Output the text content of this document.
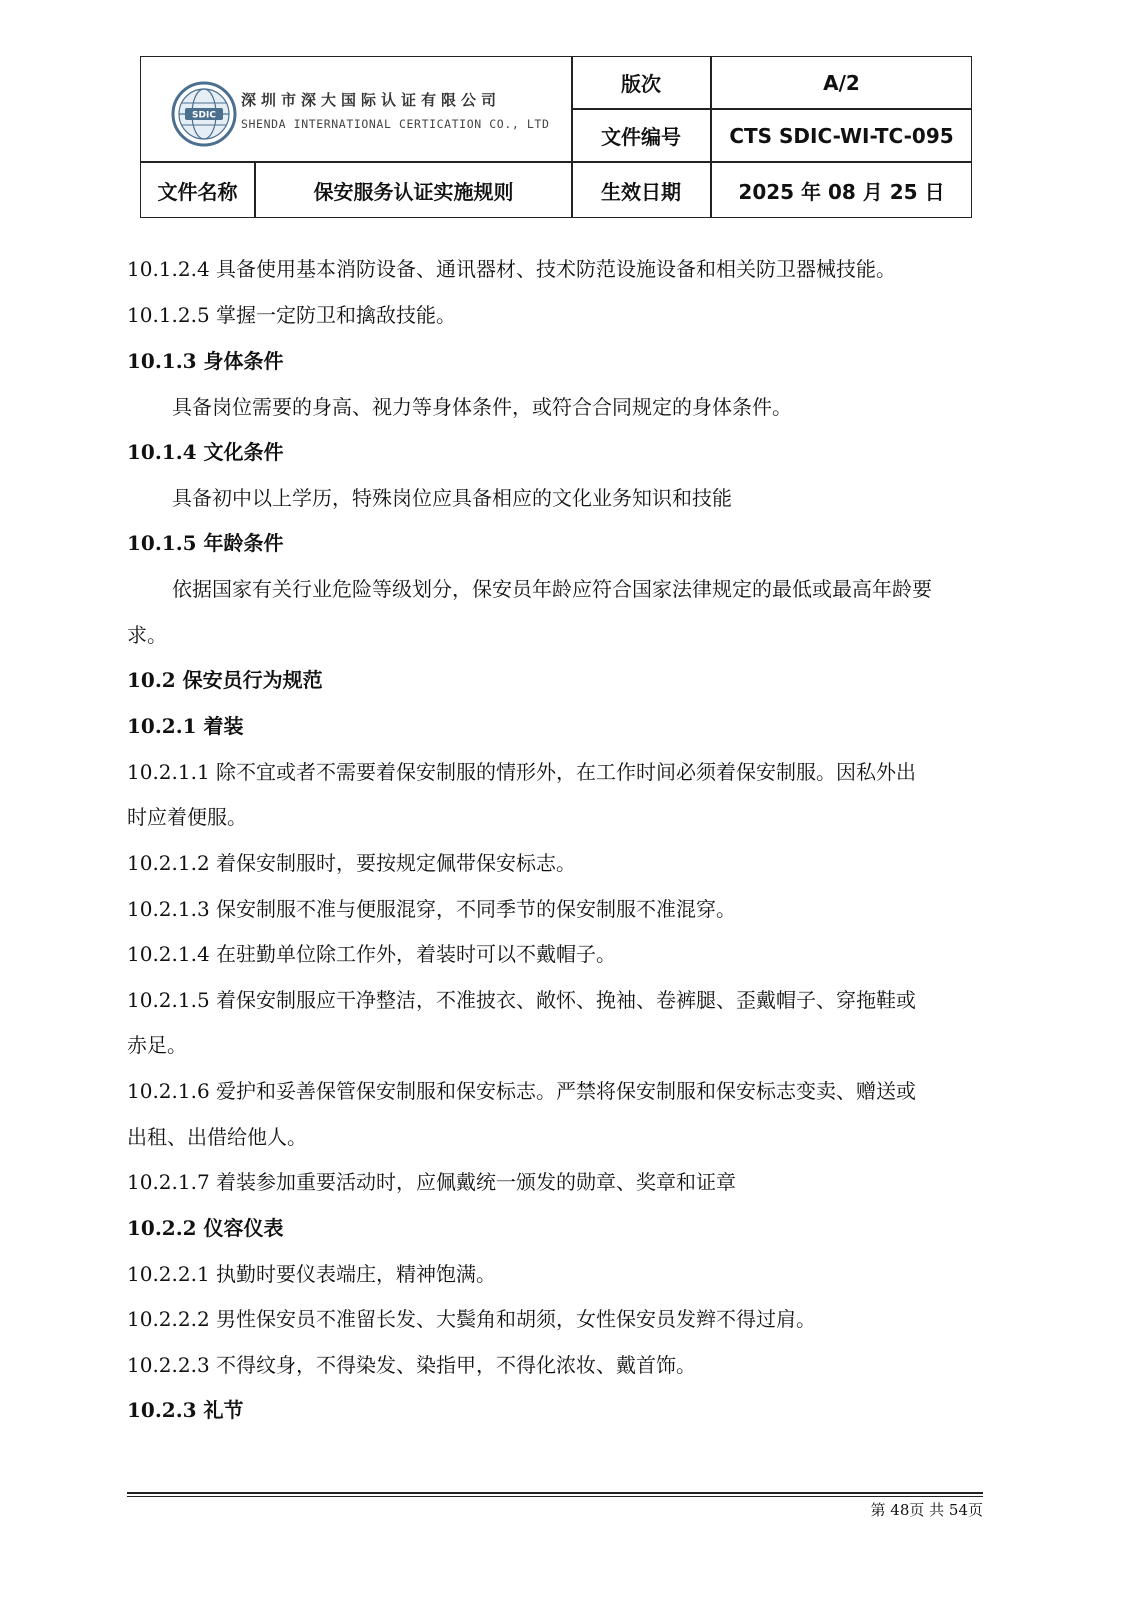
SDIC
深圳市深大国际认证有限公司
SHENDA INTERNATIONAL CERTICATION CO., LTD
版次	A/2
文件编号	CTS SDIC-WI-TC-095
文件名称	保安服务认证实施规则	生效日期	2025 年 08 月 25 日
10.1.2.4 具备使用基本消防设备、通讯器材、技术防范设施设备和相关防卫器械技能。
10.1.2.5 掌握一定防卫和擒敌技能。
10.1.3 身体条件
具备岗位需要的身高、视力等身体条件，或符合合同规定的身体条件。
10.1.4 文化条件
具备初中以上学历，特殊岗位应具备相应的文化业务知识和技能
10.1.5 年龄条件
依据国家有关行业危险等级划分，保安员年龄应符合国家法律规定的最低或最高年龄要
求。
10.2 保安员行为规范
10.2.1 着装
10.2.1.1 除不宜或者不需要着保安制服的情形外，在工作时间必须着保安制服。因私外出
时应着便服。
10.2.1.2 着保安制服时，要按规定佩带保安标志。
10.2.1.3 保安制服不准与便服混穿，不同季节的保安制服不准混穿。
10.2.1.4 在驻勤单位除工作外，着装时可以不戴帽子。
10.2.1.5 着保安制服应干净整洁，不准披衣、敞怀、挽袖、卷裤腿、歪戴帽子、穿拖鞋或
赤足。
10.2.1.6 爱护和妥善保管保安制服和保安标志。严禁将保安制服和保安标志变卖、赠送或
出租、出借给他人。
10.2.1.7 着装参加重要活动时，应佩戴统一颁发的勋章、奖章和证章
10.2.2 仪容仪表
10.2.2.1 执勤时要仪表端庄，精神饱满。
10.2.2.2 男性保安员不准留长发、大鬓角和胡须，女性保安员发辫不得过肩。
10.2.2.3 不得纹身，不得染发、染指甲，不得化浓妆、戴首饰。
10.2.3 礼节
第 48页 共 54页
